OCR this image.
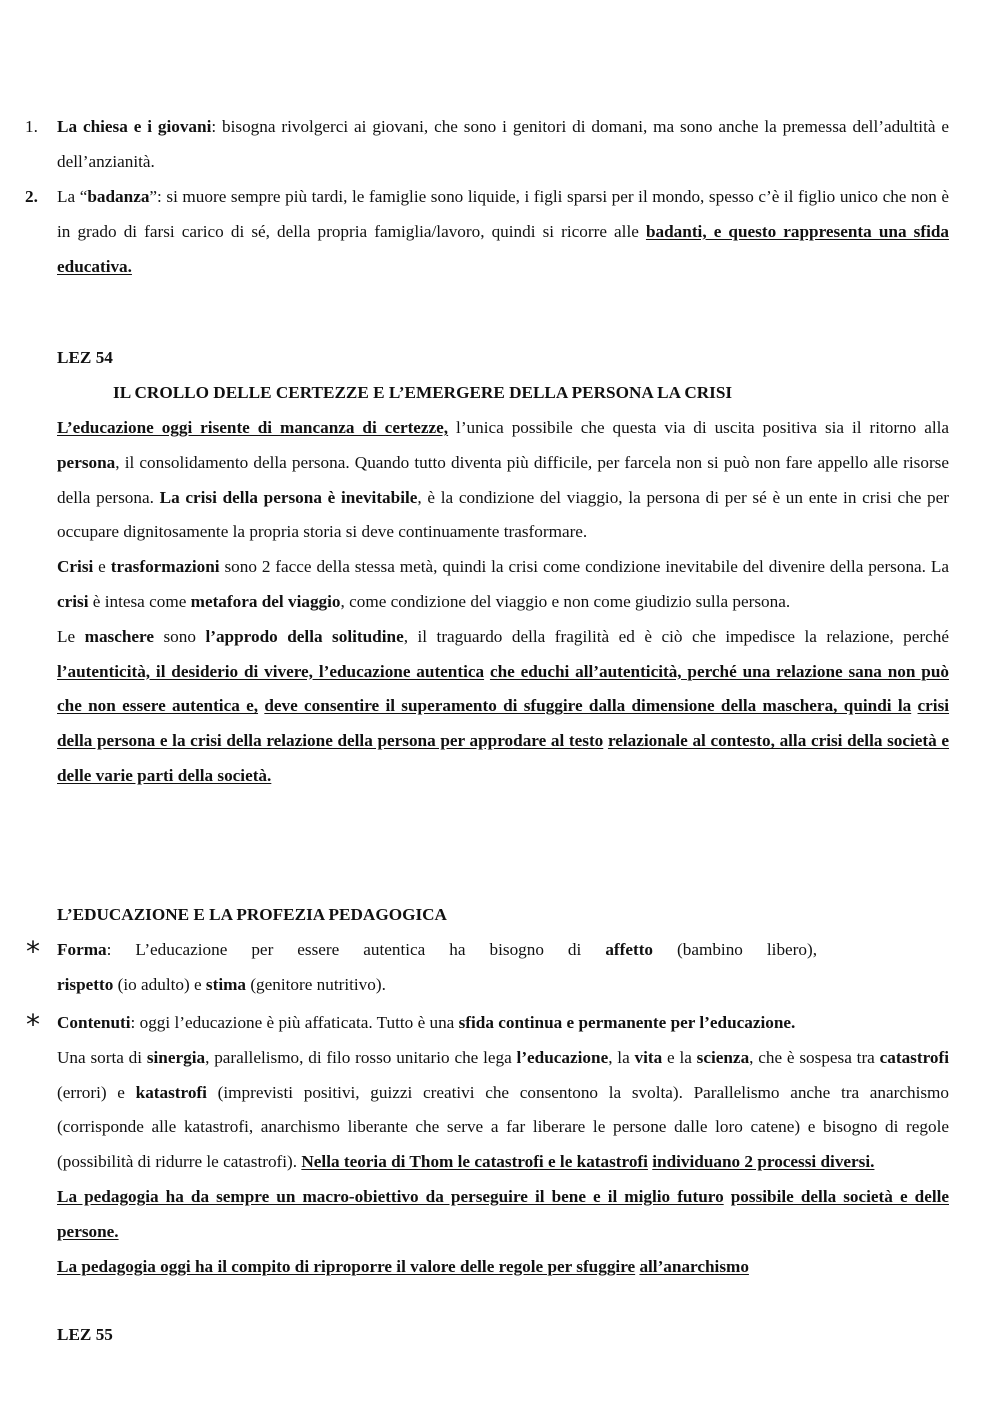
1. La chiesa e i giovani: bisogna rivolgerci ai giovani, che sono i genitori di domani, ma sono anche la premessa dell’adultità e dell’anzianità.
2. La “badanza”: si muore sempre più tardi, le famiglie sono liquide, i figli sparsi per il mondo, spesso c’è il figlio unico che non è in grado di farsi carico di sé, della propria famiglia/lavoro, quindi si ricorre alle badanti, e questo rappresenta una sfida educativa.
LEZ 54
IL CROLLO DELLE CERTEZZE E L’EMERGERE DELLA PERSONA LA CRISI

L’educazione oggi risente di mancanza di certezze, l’unica possibile che questa via di uscita positiva sia il ritorno alla persona, il consolidamento della persona. Quando tutto diventa più difficile, per farcela non si può non fare appello alle risorse della persona. La crisi della persona è inevitabile, è la condizione del viaggio, la persona di per sé è un ente in crisi che per occupare dignitosamente la propria storia si deve continuamente trasformare.

Crisi e trasformazioni sono 2 facce della stessa metà, quindi la crisi come condizione inevitabile del divenire della persona. La crisi è intesa come metafora del viaggio, come condizione del viaggio e non come giudizio sulla persona.

Le maschere sono l’approdo della solitudine, il traguardo della fragilità ed è ciò che impedisce la relazione, perché l’autenticità, il desiderio di vivere, l’educazione autentica che educhi all’autenticità, perché una relazione sana non può che non essere autentica e, deve consentire il superamento di sfuggire dalla dimensione della maschera, quindi la crisi della persona e la crisi della relazione della persona per approdare al testo relazionale al contesto, alla crisi della società e delle varie parti della società.

L’EDUCAZIONE E LA PROFEZIA PEDAGOGICA
* Forma: L’educazione per essere autentica ha bisogno di affetto (bambino libero),

rispetto (io adulto) e stima (genitore nutritivo).

* Contenuti: oggi l’educazione è più affaticata. Tutto è una sfida continua e permanente per l’educazione.

Una sorta di sinergia, parallelismo, di filo rosso unitario che lega l’educazione, la vita e la scienza, che è sospesa tra catastrofi (errori) e katastrofi (imprevisti positivi, guizzi creativi che consentono la svolta). Parallelismo anche tra anarchismo (corrisponde alle katastrofi, anarchismo liberante che serve a far liberare le persone dalle loro catene) e bisogno di regole (possibilità di ridurre le catastrofi). Nella teoria di Thom le catastrofi e le katastrofi individuano 2 processi diversi.

La pedagogia ha da sempre un macro-obiettivo da perseguire il bene e il miglio futuro possibile della società e delle persone.

La pedagogia oggi ha il compito di riproporre il valore delle regole per sfuggire all’anarchismo

LEZ 55
